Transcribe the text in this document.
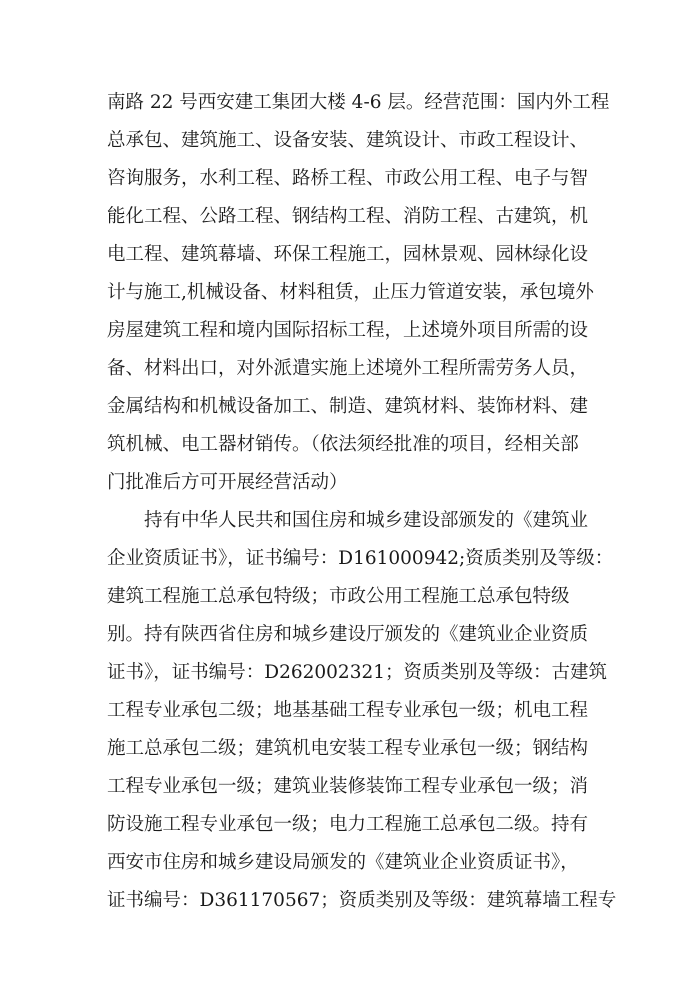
南路 22 号西安建工集团大楼 4-6 层。经营范围：国内外工程
总承包、建筑施工、设备安装、建筑设计、市政工程设计、
咨询服务，水利工程、路桥工程、市政公用工程、电子与智
能化工程、公路工程、钢结构工程、消防工程、古建筑，机
电工程、建筑幕墙、环保工程施工，园林景观、园林绿化设
计与施工,机械设备、材料租赁，止压力管道安装，承包境外
房屋建筑工程和境内国际招标工程，上述境外项目所需的设
备、材料出口，对外派遣实施上述境外工程所需劳务人员，
金属结构和机械设备加工、制造、建筑材料、装饰材料、建
筑机械、电工器材销传。（依法须经批准的项目，经相关部
门批准后方可开展经营活动）
　　持有中华人民共和国住房和城乡建设部颁发的《建筑业
企业资质证书》，证书编号：D161000942;资质类别及等级：
建筑工程施工总承包特级；市政公用工程施工总承包特级
别。持有陕西省住房和城乡建设厅颁发的《建筑业企业资质
证书》，证书编号：D262002321；资质类别及等级：古建筑
工程专业承包二级；地基基础工程专业承包一级；机电工程
施工总承包二级；建筑机电安装工程专业承包一级；钢结构
工程专业承包一级；建筑业装修装饰工程专业承包一级；消
防设施工程专业承包一级；电力工程施工总承包二级。持有
西安市住房和城乡建设局颁发的《建筑业企业资质证书》，
证书编号：D361170567；资质类别及等级：建筑幕墙工程专
